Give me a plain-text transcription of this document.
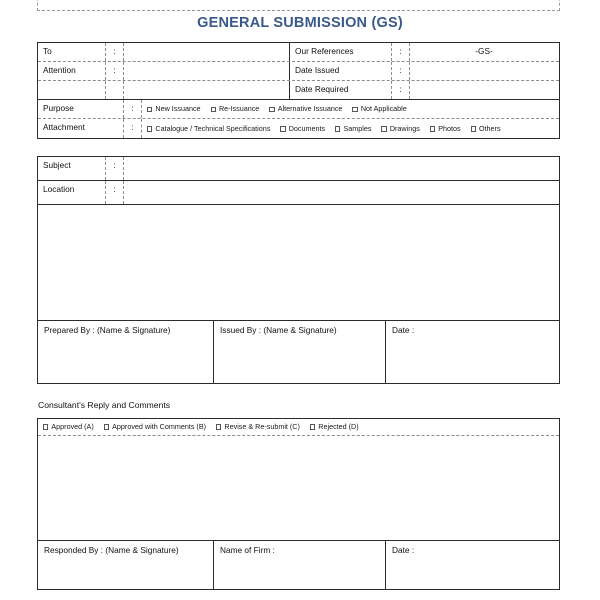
GENERAL SUBMISSION (GS)
To	:	Our References	:	-GS-
Attention	:	Date Issued	:
Date Required	:
Purpose	:	New Issuance	Re-Issuance	Alternative Issuance	Not Applicable
Attachment	:	Catalogue / Technical Specifications	Documents	Samples	Drawings	Photos	Others
Subject	:
Location	:
Prepared By : (Name & Signature)	Issued By : (Name & Signature)	Date :
Consultant's Reply and Comments
Approved (A)	Approved with Comments (B)	Revise & Re-submit (C)	Rejected (D)
Responded By : (Name & Signature)	Name of Firm :	Date :
